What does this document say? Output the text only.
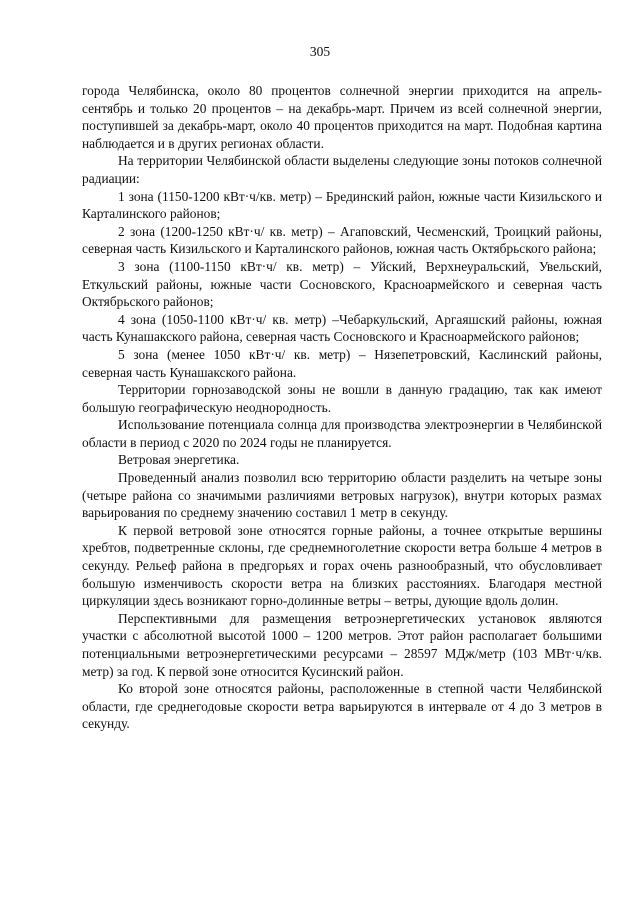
305

города Челябинска, около 80 процентов солнечной энергии приходится на апрель-сентябрь и только 20 процентов – на декабрь-март. Причем из всей солнечной энергии, поступившей за декабрь-март, около 40 процентов приходится на март. Подобная картина наблюдается и в других регионах области.

На территории Челябинской области выделены следующие зоны потоков солнечной радиации:

1 зона (1150-1200 кВт·ч/кв. метр) – Брединский район, южные части Кизильского и Карталинского районов;

2 зона (1200-1250 кВт·ч/ кв. метр) – Агаповский, Чесменский, Троицкий районы, северная часть Кизильского и Карталинского районов, южная часть Октябрьского района;

3 зона (1100-1150 кВт·ч/ кв. метр) – Уйский, Верхнеуральский, Увельский, Еткульский районы, южные части Сосновского, Красноармейского и северная часть Октябрьского районов;

4 зона (1050-1100 кВт·ч/ кв. метр) –Чебаркульский, Аргаяшский районы, южная часть Кунашакского района, северная часть Сосновского и Красноармейского районов;

5 зона (менее 1050 кВт·ч/ кв. метр) – Нязепетровский, Каслинский районы, северная часть Кунашакского района.

Территории горнозаводской зоны не вошли в данную градацию, так как имеют большую географическую неоднородность.

Использование потенциала солнца для производства электроэнергии в Челябинской области в период с 2020 по 2024 годы не планируется.

Ветровая энергетика.

Проведенный анализ позволил всю территорию области разделить на четыре зоны (четыре района со значимыми различиями ветровых нагрузок), внутри которых размах варьирования по среднему значению составил 1 метр в секунду.

К первой ветровой зоне относятся горные районы, а точнее открытые вершины хребтов, подветренные склоны, где среднемноголетние скорости ветра больше 4 метров в секунду. Рельеф района в предгорьях и горах очень разнообразный, что обусловливает большую изменчивость скорости ветра на близких расстояниях. Благодаря местной циркуляции здесь возникают горно-долинные ветры – ветры, дующие вдоль долин.

Перспективными для размещения ветроэнергетических установок являются участки с абсолютной высотой 1000 – 1200 метров. Этот район располагает большими потенциальными ветроэнергетическими ресурсами – 28597 МДж/метр (103 МВт·ч/кв. метр) за год. К первой зоне относится Кусинский район.

Ко второй зоне относятся районы, расположенные в степной части Челябинской области, где среднегодовые скорости ветра варьируются в интервале от 4 до 3 метров в секунду.
